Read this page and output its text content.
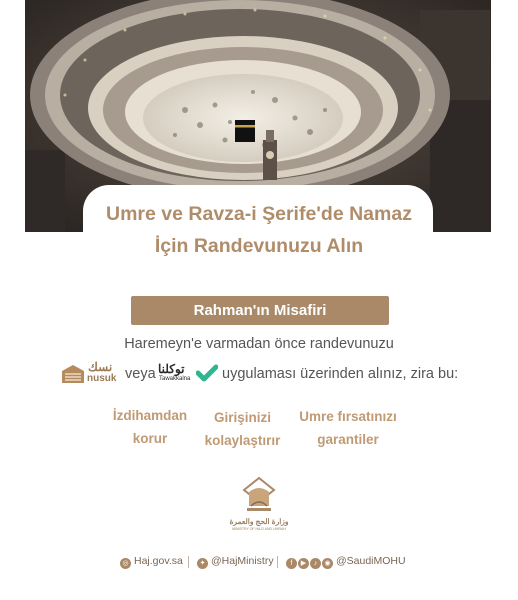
Umre ve Ravza-i Şerife'de Namaz
İçin Randevunuzu Alın
Rahman'ın Misafiri
Haremeyn'e varmadan önce randevunuzu
نسك
nusuk veya توكلنا
Tawakkalna uygulaması üzerinden alınız, zira bu:
İzdihamdan
korur
Girişinizi
kolaylaştırır
Umre fırsatınızı
garantiler
وزارة الحج والعمرة
MINISTRY OF HAJJ AND UMRAH
◎ Haj.gov.sa	✦ @HajMinistry	f ▶ ♪ ◉ @SaudiMOHU
